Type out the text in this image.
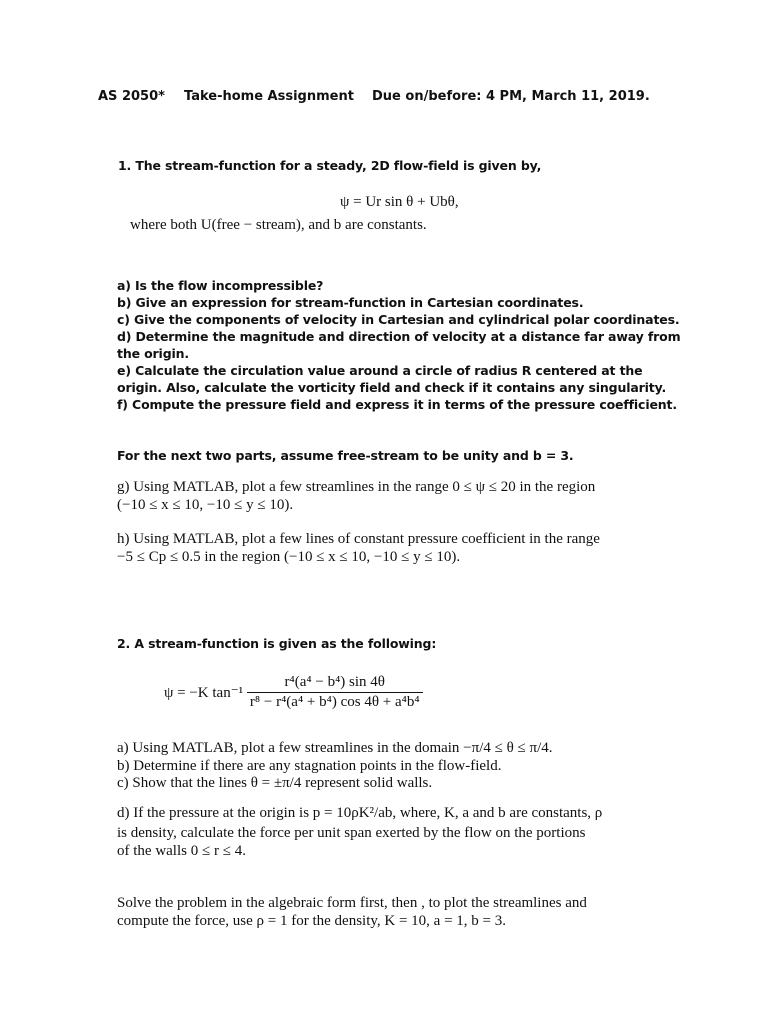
AS 2050* Take-home Assignment Due on/before: 4 PM, March 11, 2019.
1. The stream-function for a steady, 2D flow-field is given by,
ψ = Ur sin θ + Ubθ,
where both U(free − stream), and b are constants.
a) Is the flow incompressible?
b) Give an expression for stream-function in Cartesian coordinates.
c) Give the components of velocity in Cartesian and cylindrical polar coordinates.
d) Determine the magnitude and direction of velocity at a distance far away from
the origin.
e) Calculate the circulation value around a circle of radius R centered at the
origin. Also, calculate the vorticity field and check if it contains any singularity.
f) Compute the pressure field and express it in terms of the pressure coefficient.
For the next two parts, assume free-stream to be unity and b = 3.
g) Using MATLAB, plot a few streamlines in the range 0 ≤ ψ ≤ 20 in the region
(−10 ≤ x ≤ 10, −10 ≤ y ≤ 10).
h) Using MATLAB, plot a few lines of constant pressure coefficient in the range
−5 ≤ Cp ≤ 0.5 in the region (−10 ≤ x ≤ 10, −10 ≤ y ≤ 10).
2. A stream-function is given as the following:
ψ = −K $\tan^{-1} \frac{\text{r⁴(a⁴ − b⁴) sin 4θ}}{\text{r⁸ − r⁴(a⁴ + b⁴) cos 4θ + a⁴b⁴}}$
a) Using MATLAB, plot a few streamlines in the domain −π/4 ≤ θ ≤ π/4.
b) Determine if there are any stagnation points in the flow-field.
c) Show that the lines θ = ±π/4 represent solid walls.
d) If the pressure at the origin is p = 10ρK²/ab, where, K, a and b are constants, ρ
is density, calculate the force per unit span exerted by the flow on the portions
of the walls 0 ≤ r ≤ 4.
Solve the problem in the algebraic form first, then , to plot the streamlines and
compute the force, use ρ = 1 for the density, K = 10, a = 1, b = 3.
